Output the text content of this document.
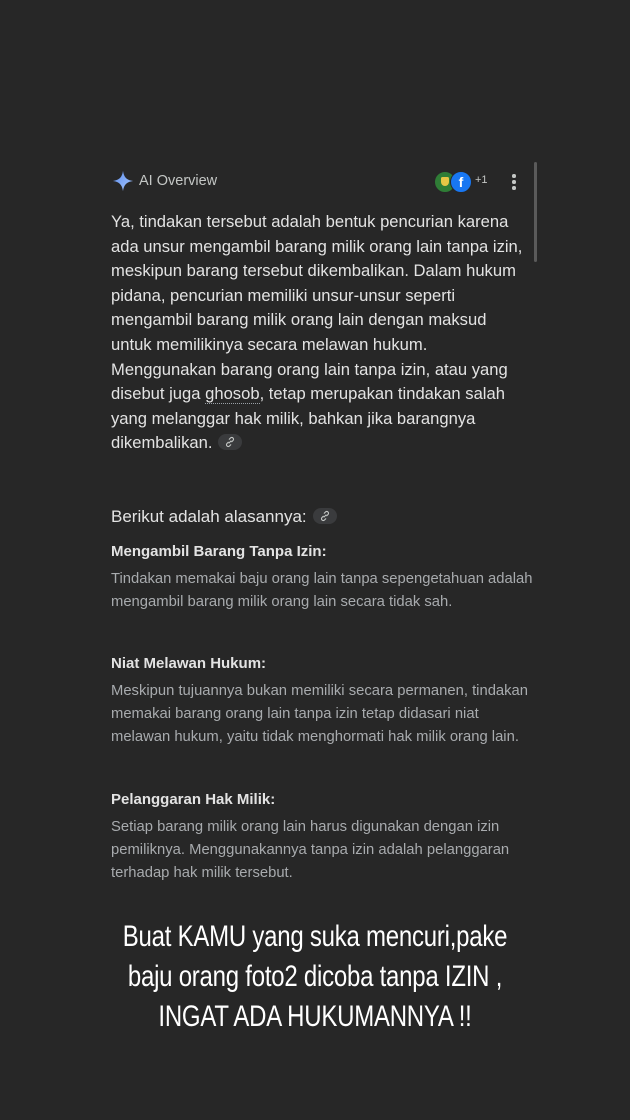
AI Overview	f	+1

Ya, tindakan tersebut adalah bentuk pencurian karena ada unsur mengambil barang milik orang lain tanpa izin, meskipun barang tersebut dikembalikan. Dalam hukum pidana, pencurian memiliki unsur-unsur seperti mengambil barang milik orang lain dengan maksud untuk memilikinya secara melawan hukum. Menggunakan barang orang lain tanpa izin, atau yang disebut juga ghosob, tetap merupakan tindakan salah yang melanggar hak milik, bahkan jika barangnya dikembalikan.

Berikut adalah alasannya:
Mengambil Barang Tanpa Izin:

Tindakan memakai baju orang lain tanpa sepengetahuan adalah mengambil barang milik orang lain secara tidak sah.

Niat Melawan Hukum:

Meskipun tujuannya bukan memiliki secara permanen, tindakan memakai barang orang lain tanpa izin tetap didasari niat melawan hukum, yaitu tidak menghormati hak milik orang lain.

Pelanggaran Hak Milik:

Setiap barang milik orang lain harus digunakan dengan izin pemiliknya. Menggunakannya tanpa izin adalah pelanggaran terhadap hak milik tersebut.

Buat KAMU yang suka mencuri,pake
baju orang foto2 dicoba tanpa IZIN ,
INGAT ADA HUKUMANNYA !!
